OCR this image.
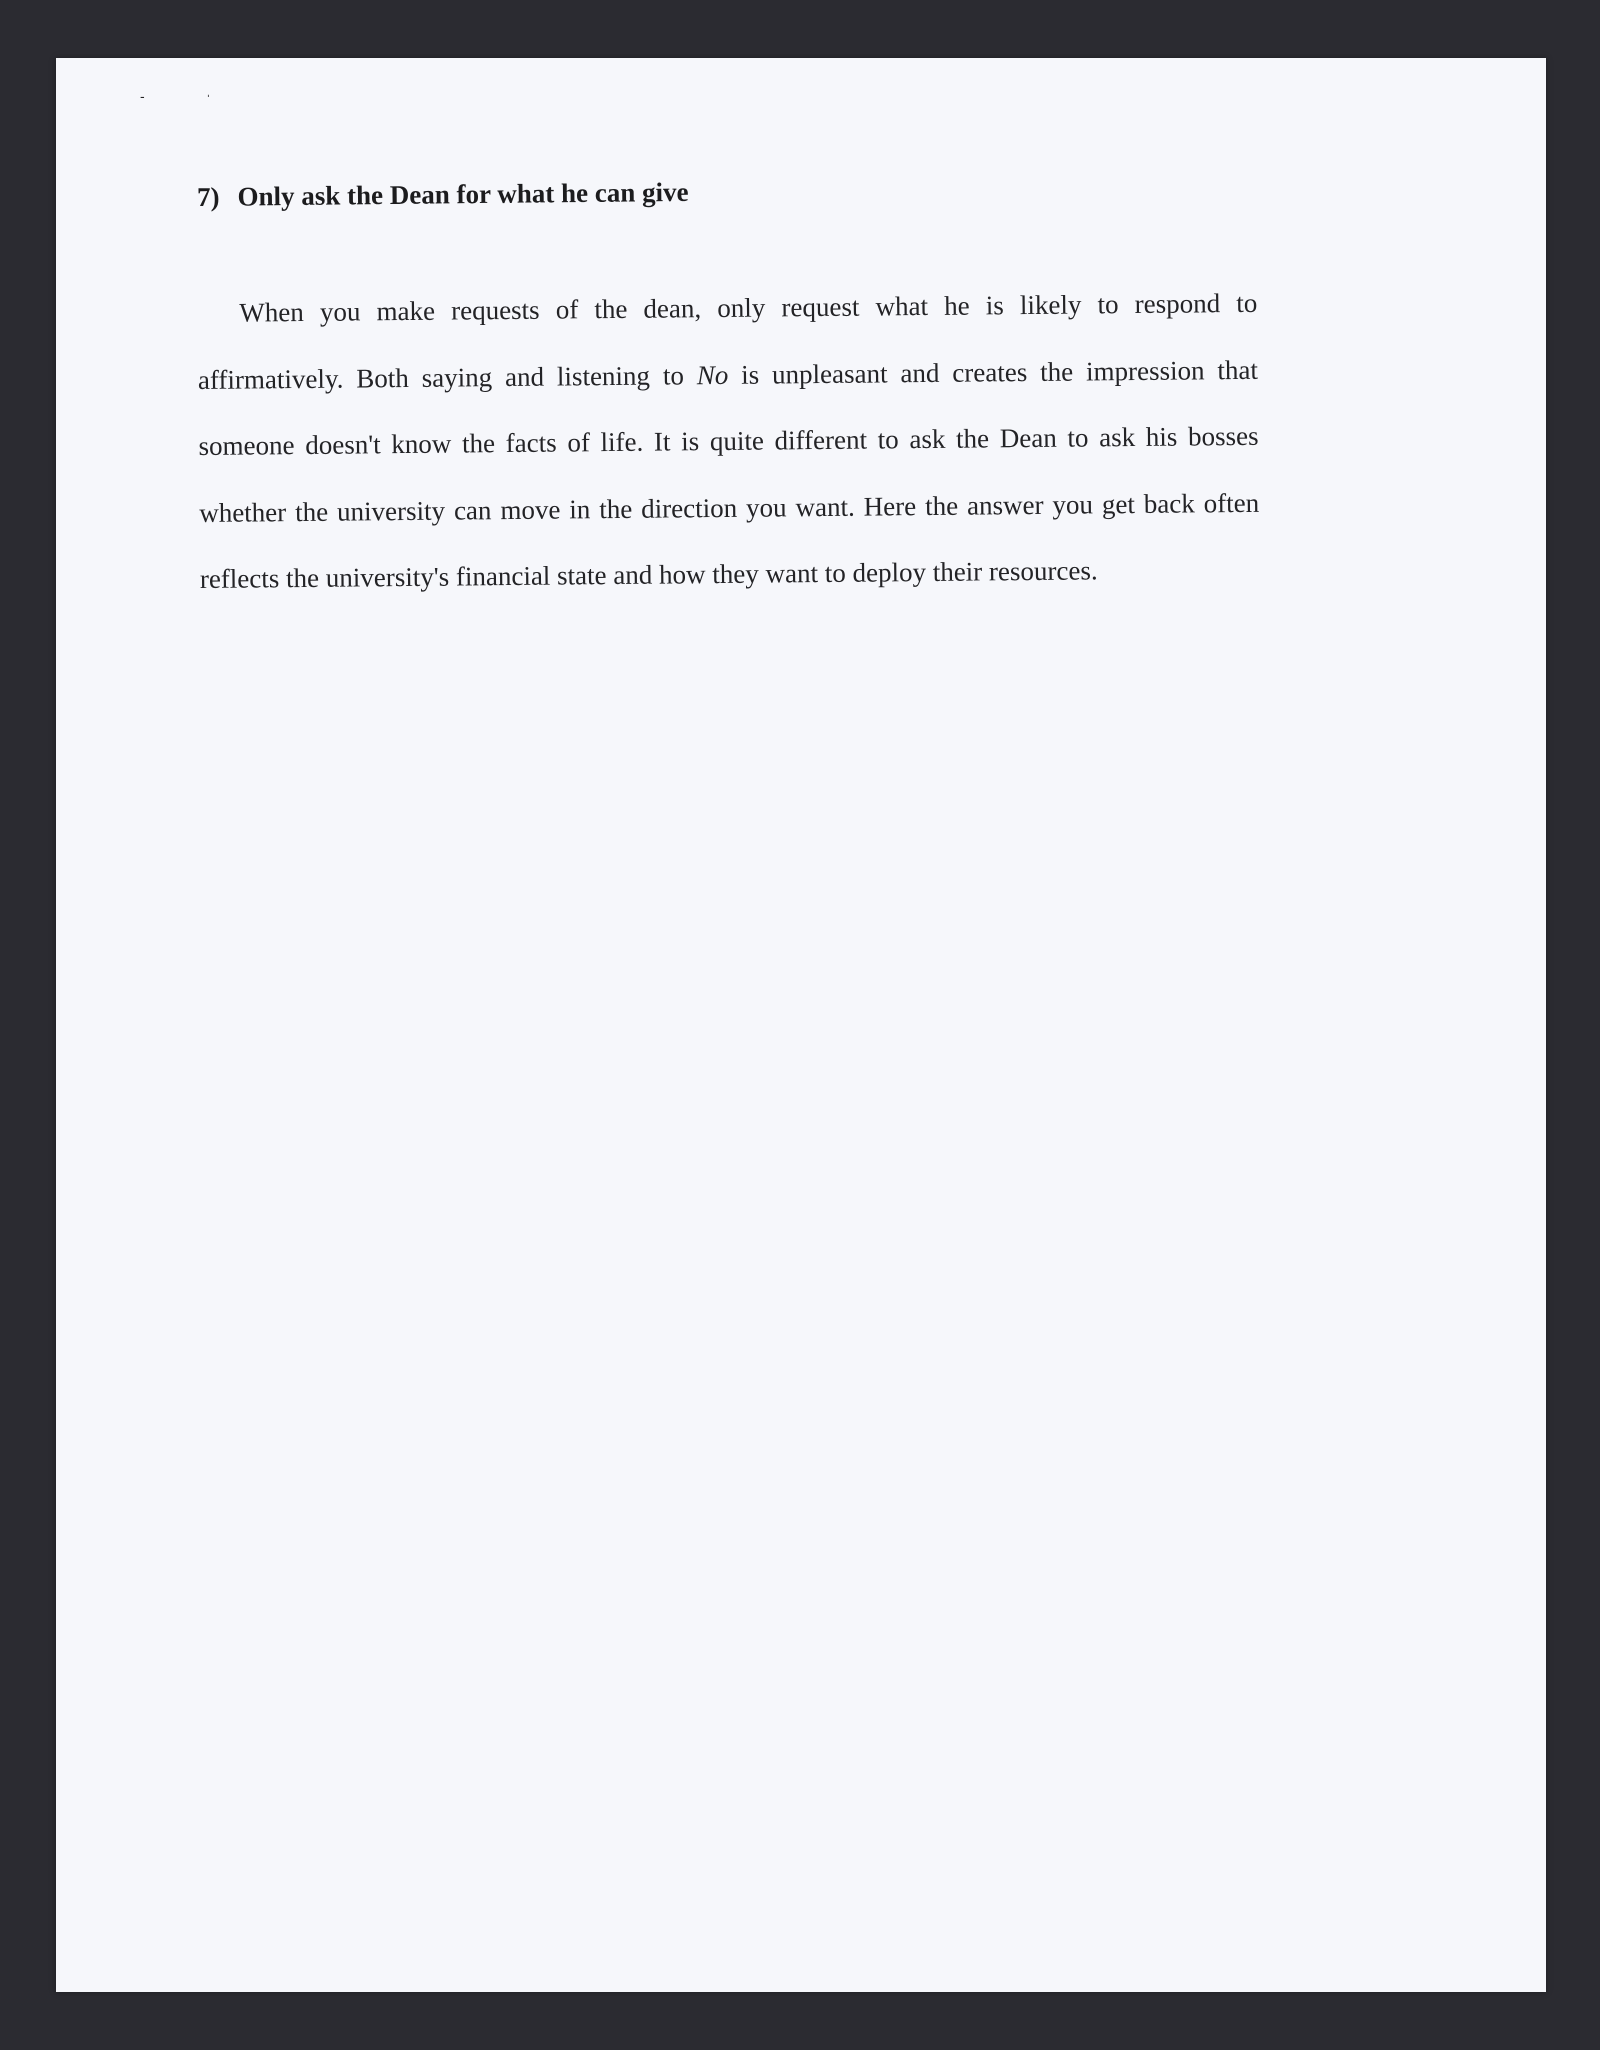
‐	ˈ
7) Only ask the Dean for what he can give

When you make requests of the dean, only request what he is likely to respond to affirmatively. Both saying and listening to No is unpleasant and creates the impression that someone doesn't know the facts of life. It is quite different to ask the Dean to ask his bosses whether the university can move in the direction you want. Here the answer you get back often reflects the university's financial state and how they want to deploy their resources.
